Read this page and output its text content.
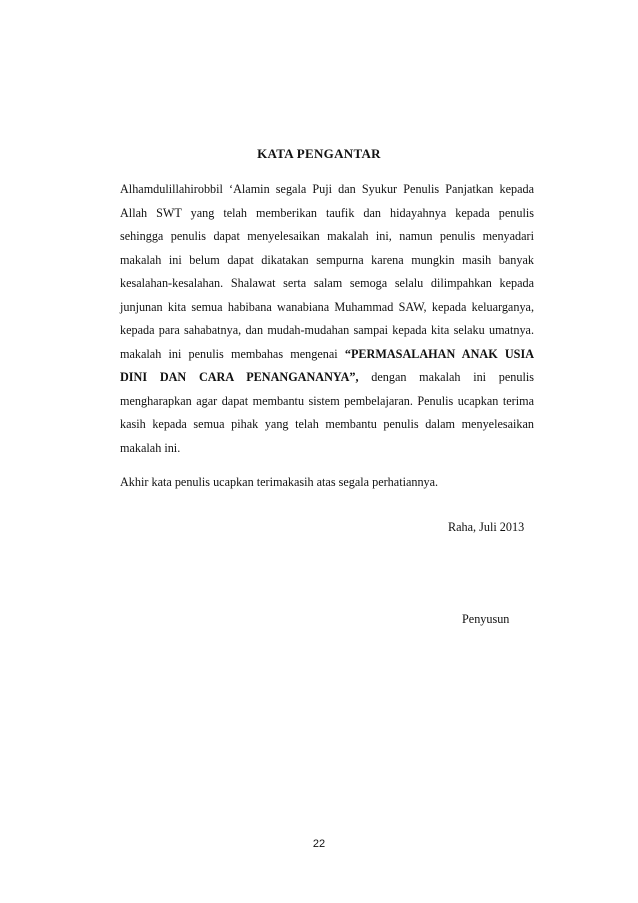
KATA PENGANTAR
Alhamdulillahirobbil ‘Alamin segala Puji dan Syukur Penulis Panjatkan kepada
Allah SWT yang telah memberikan taufik dan hidayahnya kepada penulis
sehingga penulis dapat menyelesaikan makalah ini, namun penulis menyadari
makalah ini belum dapat dikatakan sempurna karena mungkin masih banyak
kesalahan-kesalahan. Shalawat serta salam semoga selalu dilimpahkan kepada
junjunan kita semua habibana wanabiana Muhammad SAW, kepada keluarganya,
kepada para sahabatnya, dan mudah-mudahan sampai kepada kita selaku umatnya.
makalah ini penulis membahas mengenai “PERMASALAHAN ANAK USIA
DINI DAN CARA PENANGANANYA”, dengan makalah ini penulis
mengharapkan agar dapat membantu sistem pembelajaran. Penulis ucapkan terima
kasih kepada semua pihak yang telah membantu penulis dalam menyelesaikan
makalah ini.
Akhir kata penulis ucapkan terimakasih atas segala perhatiannya.
Raha, Juli 2013
Penyusun
22
